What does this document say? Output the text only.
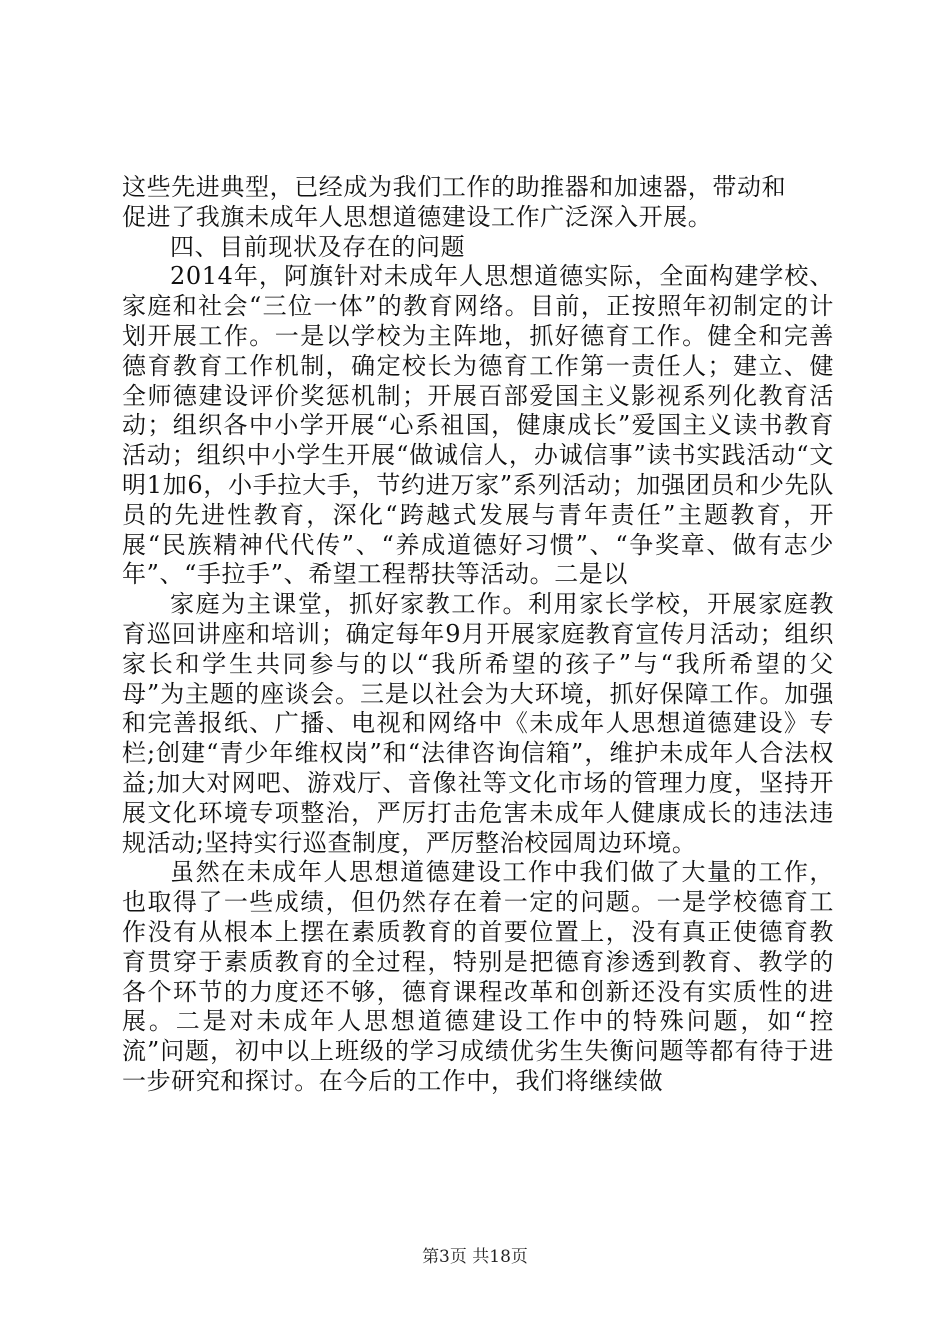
这些先进典型，已经成为我们工作的助推器和加速器，带动和

促进了我旗未成年人思想道德建设工作广泛深入开展。

四、目前现状及存在的问题

2014年，阿旗针对未成年人思想道德实际，全面构建学校、家庭和社会“三位一体”的教育网络。目前，正按照年初制定的计划开展工作。一是以学校为主阵地，抓好德育工作。健全和完善德育教育工作机制，确定校长为德育工作第一责任人；建立、健全师德建设评价奖惩机制；开展百部爱国主义影视系列化教育活动；组织各中小学开展“心系祖国，健康成长”爱国主义读书教育活动；组织中小学生开展“做诚信人，办诚信事”读书实践活动“文明1加6，小手拉大手，节约进万家”系列活动；加强团员和少先队员的先进性教育，深化“跨越式发展与青年责任”主题教育，开展“民族精神代代传”、“养成道德好习惯”、“争奖章、做有志少年”、“手拉手”、希望工程帮扶等活动。二是以

家庭为主课堂，抓好家教工作。利用家长学校，开展家庭教育巡回讲座和培训；确定每年9月开展家庭教育宣传月活动；组织家长和学生共同参与的以“我所希望的孩子”与“我所希望的父母”为主题的座谈会。三是以社会为大环境，抓好保障工作。加强和完善报纸、广播、电视和网络中《未成年人思想道德建设》专栏;创建“青少年维权岗”和“法律咨询信箱”，维护未成年人合法权益;加大对网吧、游戏厅、音像社等文化市场的管理力度，坚持开展文化环境专项整治，严厉打击危害未成年人健康成长的违法违规活动;坚持实行巡查制度，严厉整治校园周边环境。

虽然在未成年人思想道德建设工作中我们做了大量的工作，也取得了一些成绩，但仍然存在着一定的问题。一是学校德育工作没有从根本上摆在素质教育的首要位置上，没有真正使德育教育贯穿于素质教育的全过程，特别是把德育渗透到教育、教学的各个环节的力度还不够，德育课程改革和创新还没有实质性的进展。二是对未成年人思想道德建设工作中的特殊问题，如“控流”问题，初中以上班级的学习成绩优劣生失衡问题等都有待于进一步研究和探讨。在今后的工作中，我们将继续做

第3页 共18页
